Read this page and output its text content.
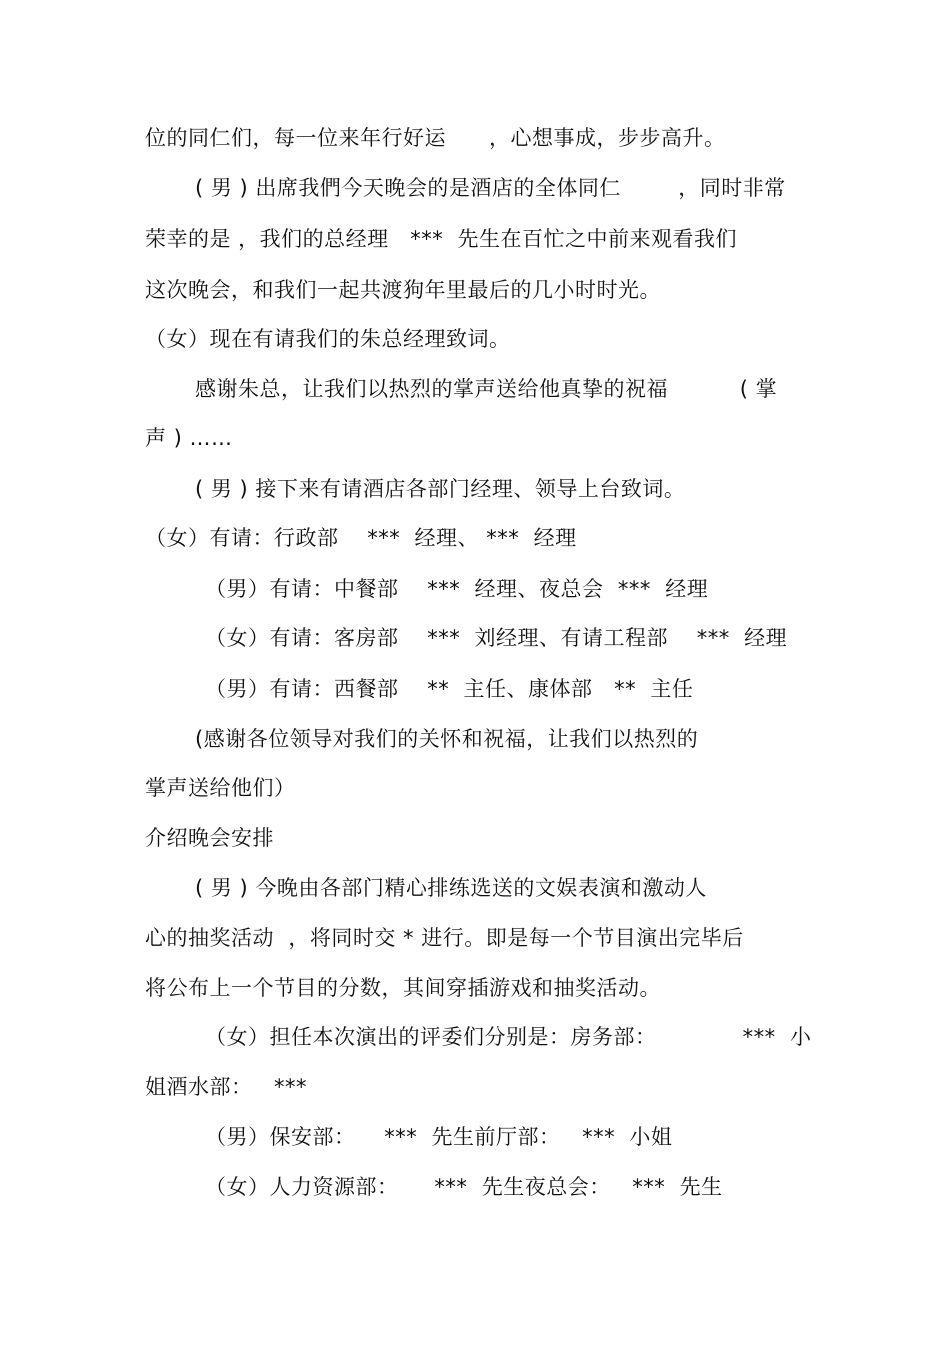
位的同仁们，每一位来年行好运      ，心想事成，步步高升。
( 男 ) 出席我們今天晚会的是酒店的全体同仁        ，同时非常
荣幸的是 ，我们的总经理   ***  先生在百忙之中前来观看我们
这次晚会，和我们一起共渡狗年里最后的几小时时光。
（女）现在有请我们的朱总经理致词。
感谢朱总，让我们以热烈的掌声送给他真挚的祝福          ( 掌
声 ) ……
( 男 ) 接下来有请酒店各部门经理、领导上台致词。
（女）有请：行政部    ***  经理、 ***  经理
（男）有请：中餐部    ***  经理、夜总会  ***  经理
（女）有请：客房部    ***  刘经理、有请工程部    ***  经理
（男）有请：西餐部    **  主任、康体部   **  主任
(感谢各位领导对我们的关怀和祝福，让我们以热烈的
掌声送给他们）
介绍晚会安排
( 男 ) 今晚由各部门精心排练选送的文娱表演和激动人
心的抽奖活动  ，将同时交 * 进行。即是每一个节目演出完毕后
将公布上一个节目的分数，其间穿插游戏和抽奖活动。
（女）担任本次演出的评委们分别是：房务部：            ***  小
姐酒水部：   ***
（男）保安部：    ***  先生前厅部：   ***  小姐
（女）人力资源部：     ***  先生夜总会：   ***  先生
